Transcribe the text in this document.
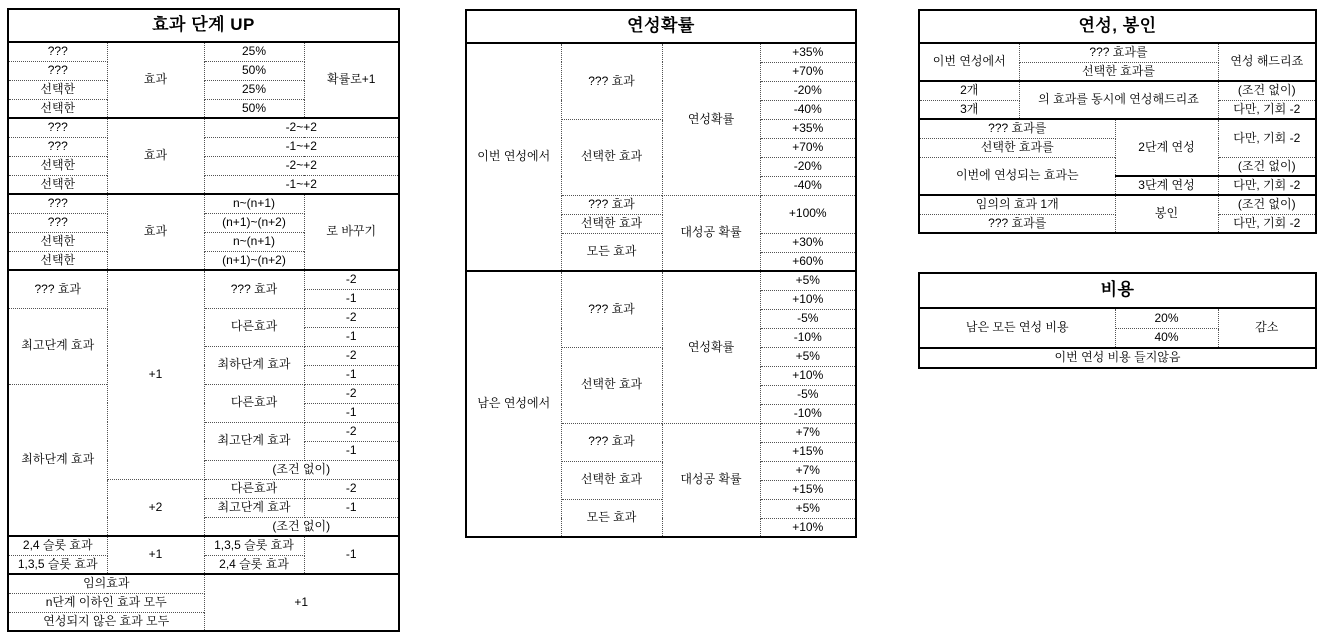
효과 단계 UP			
???	효과	25%	확률로+1
???		50%	
선택한		25%	
선택한		50%	
???	효과	-2~+2	
???		-1~+2	
선택한		-2~+2	
선택한		-1~+2	
???	효과	n~(n+1)	로 바꾸기
???		(n+1)~(n+2)	
선택한		n~(n+1)	
선택한		(n+1)~(n+2)	
??? 효과	+1	??? 효과	-2
			-1
최고단계 효과		다른효과	-2
			-1
		최하단계 효과	-2
			-1
최하단계 효과		다른효과	-2
			-1
		최고단계 효과	-2
			-1
		(조건 없이)	
	+2	다른효과	-2
		최고단계 효과	-1
		(조건 없이)	
2,4 슬롯 효과	+1	1,3,5 슬롯 효과	-1
1,3,5 슬롯 효과		2,4 슬롯 효과	
임의효과		+1	
n단계 이하인 효과 모두			
연성되지 않은 효과 모두			
연성확률			
이번 연성에서	??? 효과	연성확률	+35%
			+70%
			-20%
			-40%
	선택한 효과		+35%
			+70%
			-20%
			-40%
	??? 효과	대성공 확률	+100%
	선택한 효과		
	모든 효과		+30%
			+60%
남은 연성에서	??? 효과	연성확률	+5%
			+10%
			-5%
			-10%
	선택한 효과		+5%
			+10%
			-5%
			-10%
	??? 효과	대성공 확률	+7%
			+15%
	선택한 효과		+7%
			+15%
	모든 효과		+5%
			+10%
연성, 봉인			
이번 연성에서	??? 효과를		연성 해드리죠
	선택한 효과를		
2개	의 효과를 동시에 연성해드리죠		(조건 없이)
3개			다만, 기회 -2
??? 효과를		2단계 연성	다만, 기회 -2
선택한 효과를			
이번에 연성되는 효과는			(조건 없이)
		3단계 연성	다만, 기회 -2
임의의 효과 1개		봉인	(조건 없이)
??? 효과를			다만, 기회 -2
비용
남은 모든 연성 비용	20%	감소
40%
이번 연성 비용 들지않음
